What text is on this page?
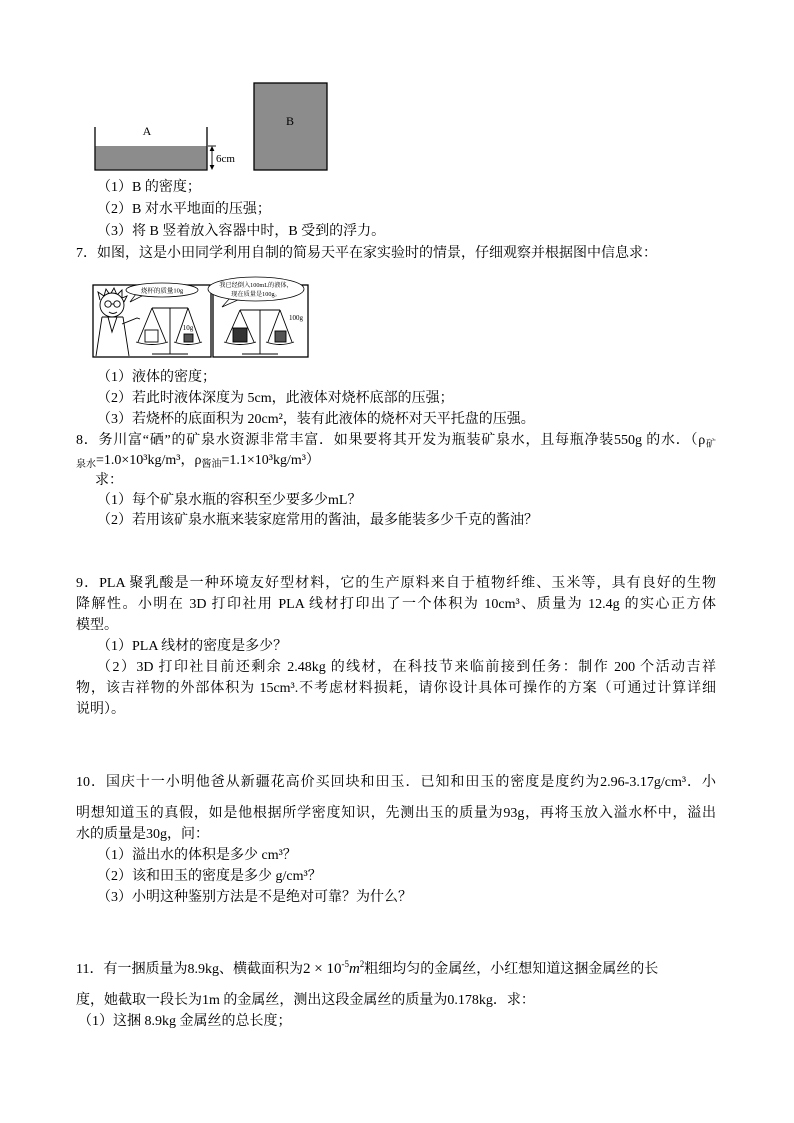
A
6cm
B
（1）B 的密度；
（2）B 对水平地面的压强；
（3）将 B 竖着放入容器中时，B 受到的浮力。
7．如图，这是小田同学利用自制的简易天平在家实验时的情景，仔细观察并根据图中信息求：
10g
100g
烧杯的质量10g
我已经倒入100mL的液体，
现在质量是100g。
（1）液体的密度；
（2）若此时液体深度为 5cm，此液体对烧杯底部的压强；
（3）若烧杯的底面积为 20cm²，装有此液体的烧杯对天平托盘的压强。
8．务川富“硒”的矿泉水资源非常丰富．如果要将其开发为瓶装矿泉水，且每瓶净装550g 的水．（$\rho_矿$
$_{泉水}$=1.0×10³kg/m³，$\rho_{酱油}=1.1\times 10^3kg/m^3$）
求：
（1）每个矿泉水瓶的容积至少要多少mL？
（2）若用该矿泉水瓶来装家庭常用的酱油，最多能装多少千克的酱油？
9．PLA 聚乳酸是一种环境友好型材料，它的生产原料来自于植物纤维、玉米等，具有良好的生物
降解性。小明在 3D 打印社用 PLA 线材打印出了一个体积为 10cm³、质量为 12.4g 的实心正方体
模型。
（1）PLA 线材的密度是多少？
（2）3D 打印社目前还剩余 2.48kg 的线材，在科技节来临前接到任务：制作 200 个活动吉祥
物，该吉祥物的外部体积为 15cm³.不考虑材料损耗，请你设计具体可操作的方案（可通过计算详细
说明）。
10．国庆十一小明他爸从新疆花高价买回块和田玉．已知和田玉的密度是度约为2.96-3.17g/cm³．小
明想知道玉的真假，如是他根据所学密度知识，先测出玉的质量为93g，再将玉放入溢水杯中，溢出
水的质量是30g，问：
（1）溢出水的体积是多少 cm³？
（2）该和田玉的密度是多少 g/cm³？
（3）小明这种鉴别方法是不是绝对可靠？为什么？
11．有一捆质量为8.9kg、横截面积为$2 \times 10^{-5}m^2$粗细均匀的金属丝，小红想知道这捆金属丝的长
度，她截取一段长为1m 的金属丝，测出这段金属丝的质量为0.178kg．求：
（1）这捆 8.9kg 金属丝的总长度；
